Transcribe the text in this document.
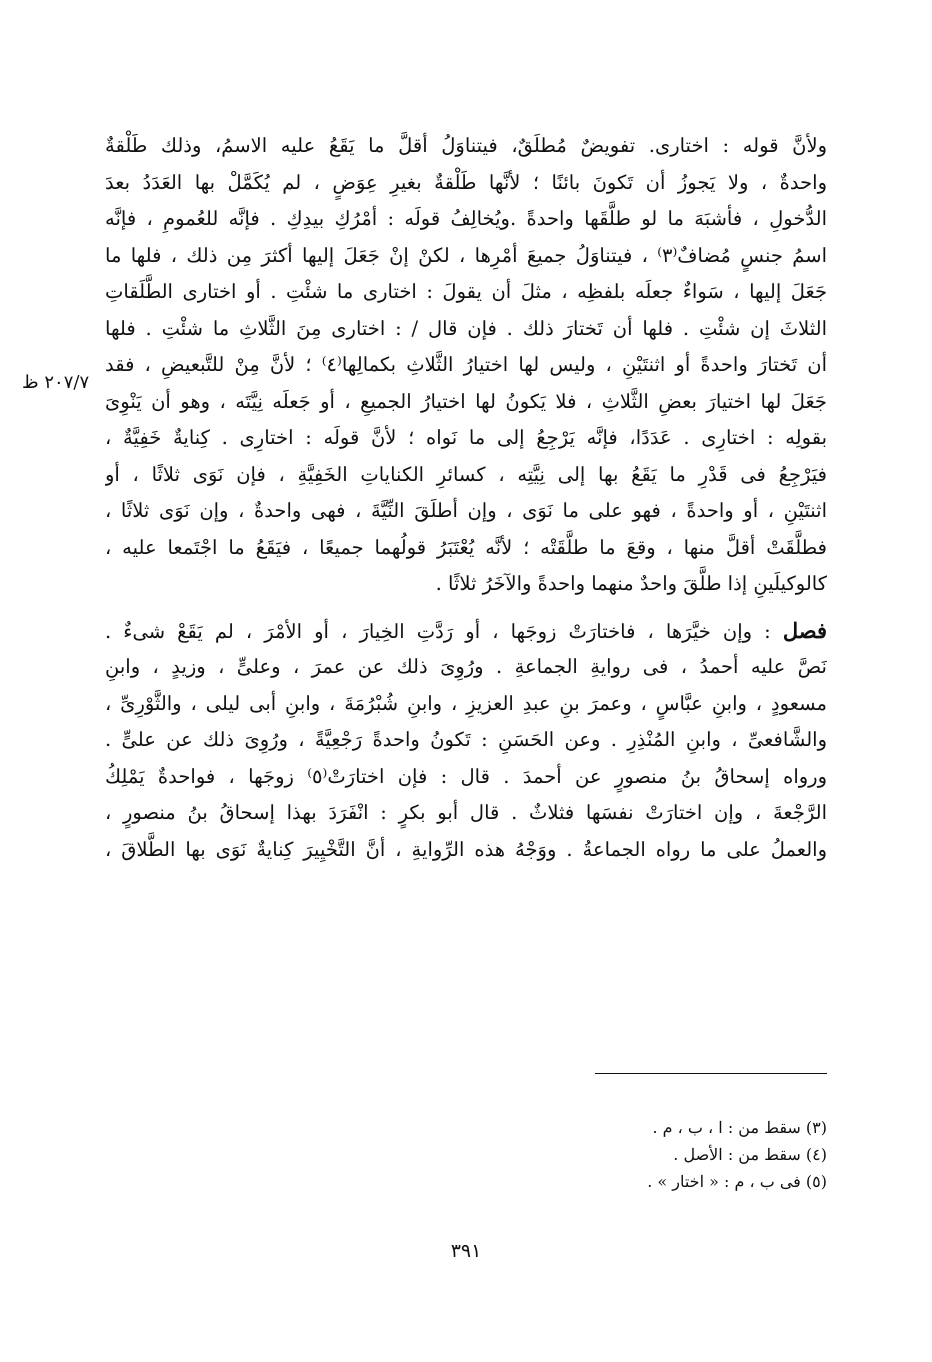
٢٠٧/٧ ظ
ولأنَّ قوله : اختارى. تفويضٌ مُطلَقٌ، فيتناوَلُ أقلَّ ما يَقَعُ عليه الاسمُ، وذلك طَلْقةٌ
واحدةٌ ، ولا يَجوزُ أن تَكونَ بائنًا ؛ لأنَّها طَلْقةٌ بغيرِ عِوَضٍ ، لم يُكَمَّلْ بها العَدَدُ بعدَ
الدُّخولِ ، فأشبَهَ ما لو طلَّقَها واحدةً .ويُخالِفُ قولَه : أمْرُكِ بيدِكِ . فإنَّه للعُمومِ ، فإنَّه
اسمُ جنسٍ مُضافٌ⁽٣⁾ ، فيتناوَلُ جميعَ أمْرِها ، لكنْ إنْ جَعَلَ إليها أكثرَ مِن ذلك ، فلها ما
جَعَلَ إليها ، سَواءٌ جعلَه بلفظِه ، مثلَ أن يقولَ : اختارى ما شئْتِ . أو اختارى الطَّلَقاتِ
الثلاثَ إن شئْتِ . فلها أن تَختارَ ذلك . فإن قال / : اختارى مِنَ الثَّلاثِ ما شئْتِ . فلها
أن تَختارَ واحدةً أو اثنتَيْنِ ، وليس لها اختيارُ الثَّلاثِ بكمالِها⁽٤⁾ ؛ لأنَّ مِنْ للتَّبعيضِ ، فقد
جَعَلَ لها اختيارَ بعضِ الثَّلاثِ ، فلا يَكونُ لها اختيارُ الجميعِ ، أو جَعلَه نِيَّتَه ، وهو أن يَنْوِىَ
بقولِه : اختارِى . عَدَدًا، فإنَّه يَرْجِعُ إلى ما نَواه ؛ لأنَّ قولَه : اختارِى . كِنايةٌ خَفِيَّةٌ ،
فيَرْجِعُ فى قَدْرِ ما يَقَعُ بها إلى نِيَّتِه ، كسائرِ الكناياتِ الخَفِيَّةِ ، فإن نَوَى ثلاثًا ، أو
اثنتَيْنِ ، أو واحدةً ، فهو على ما نَوَى ، وإن أطلَقَ النِّيَّةَ ، فهى واحدةٌ ، وإن نَوَى ثلاثًا ،
فطلَّقَتْ أقلَّ منها ، وقعَ ما طلَّقَتْه ؛ لأنَّه يُعْتَبَرُ قولُهما جميعًا ، فيَقَعُ ما اجْتَمعا عليه ،
كالوكيلَينِ إذا طلَّقَ واحدٌ منهما واحدةً والآخَرُ ثلاثًا .
فصل : وإن خيَّرَها ، فاختارَتْ زوجَها ، أو رَدَّتِ الخِيارَ ، أو الأمْرَ ، لم يَقَعْ شىءٌ .
نَصَّ عليه أحمدُ ، فى روايةِ الجماعةِ . ورُوِىَ ذلك عن عمرَ ، وعلىٍّ ، وزيدٍ ، وابنِ
مسعودٍ ، وابنِ عبَّاسٍ ، وعمرَ بنِ عبدِ العزيزِ ، وابنِ شُبْرُمَةَ ، وابنِ أبى ليلى ، والثَّوْرِىِّ ،
والشَّافعىِّ ، وابنِ المُنْذِرِ . وعن الحَسَنِ : تَكونُ واحدةً رَجْعِيَّةً ، ورُوِىَ ذلك عن علىٍّ .
ورواه إسحاقُ بنُ منصورٍ عن أحمدَ . قال : فإن اختارَتْ⁽٥⁾ زوجَها ، فواحدةٌ يَمْلِكُ
الرَّجْعةَ ، وإن اختارَتْ نفسَها فثلاثٌ . قال أبو بكرٍ : انْفَرَدَ بهذا إسحاقُ بنُ منصورٍ ،
والعملُ على ما رواه الجماعةُ . ووَجْهُ هذه الرِّوايةِ ، أنَّ التَّخْيِيرَ كِنايةٌ نَوَى بها الطَّلاقَ ،
(٣) سقط من : ا ، ب ، م .
(٤) سقط من : الأصل .
(٥) فى ب ، م : « اختار » .
٣٩١
